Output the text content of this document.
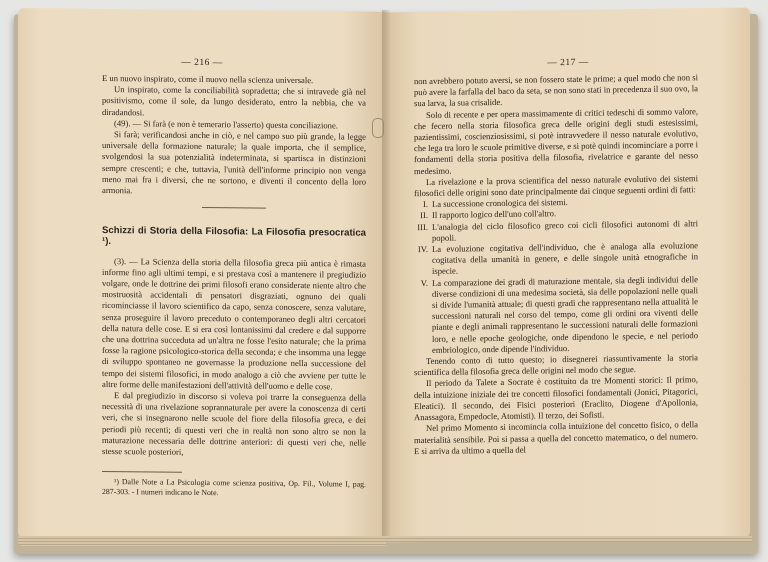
— 216 —

E un nuovo inspirato, come il nuovo nella scienza universale.

Un inspirato, come la conciliabilità sopradetta; che si intravede già nel positivismo, come il sole, da lungo desiderato, entro la nebbia, che va diradandosi.

(49). — Si farà (e non è temerario l'asserto) questa conciliazione.

Si farà; verificandosi anche in ciò, e nel campo suo più grande, la legge universale della formazione naturale; la quale importa, che il semplice, svolgendosi la sua potenzialità indeterminata, si spartisca in distinzioni sempre crescenti; e che, tuttavia, l'unità dell'informe principio non venga meno mai fra i diversi, che ne sortono, e diventi il concento della loro armonia.

Schizzi di Storia della Filosofia: La Filosofia presocratica ¹).

(3). — La Scienza della storia della filosofia greca più antica è rimasta informe fino agli ultimi tempi, e si prestava così a mantenere il pregiudizio volgare, onde le dottrine dei primi filosofi erano considerate niente altro che mostruosità accidentali di pensatori disgraziati, ognuno dei quali ricominciasse il lavoro scientifico da capo, senza conoscere, senza valutare, senza proseguire il lavoro preceduto o contemporaneo degli altri cercatori della natura delle cose. E si era così lontanissimi dal credere e dal supporre che una dottrina succeduta ad un'altra ne fosse l'esito naturale; che la prima fosse la ragione psicologico-storica della seconda; e che insomma una legge di sviluppo spontaneo ne governasse la produzione nella successione del tempo dei sistemi filosofici, in modo analogo a ciò che avviene per tutte le altre forme delle manifestazioni dell'attività dell'uomo e delle cose.

E dal pregiudizio in discorso si voleva poi trarre la conseguenza della necessità di una rivelazione soprannaturale per avere la conoscenza di certi veri, che si insegnarono nelle scuole del fiore della filosofia greca, e dei periodi più recenti; di questi veri che in realtà non sono altro se non la maturazione necessaria delle dottrine anteriori: di questi veri che, nelle stesse scuole posteriori,

¹) Dalle Note a La Psicologia come scienza positiva, Op. Fil., Volume I, pag. 287-303. - I numeri indicano le Note.

— 217 —

non avrebbero potuto aversi, se non fossero state le prime; a quel modo che non si può avere la farfalla del baco da seta, se non sono stati in precedenza il suo ovo, la sua larva, la sua crisalide.

Solo di recente e per opera massimamente di critici tedeschi di sommo valore, che fecero nella storia filosofica greca delle origini degli studi estesissimi, pazientissimi, coscienziosissimi, si potè intravvedere il nesso naturale evolutivo, che lega tra loro le scuole primitive diverse, e si potè quindi incominciare a porre i fondamenti della storia positiva della filosofia, rivelatrice e garante del nesso medesimo.

La rivelazione e la prova scientifica del nesso naturale evolutivo dei sistemi filosofici delle origini sono date principalmente dai cinque seguenti ordini di fatti:

I. La successione cronologica dei sistemi.
II. Il rapporto logico dell'uno coll'altro.
III. L'analogia del ciclo filosofico greco coi cicli filosofici autonomi di altri popoli.
IV. La evoluzione cogitativa dell'individuo, che è analoga alla evoluzione cogitativa della umanità in genere, e delle singole unità etnografiche in ispecie.
V. La comparazione dei gradi di maturazione mentale, sia degli individui delle diverse condizioni di una medesima società, sia delle popolazioni nelle quali si divide l'umanità attuale; di questi gradi che rappresentano nella attualità le successioni naturali nel corso del tempo, come gli ordini ora viventi delle piante e degli animali rappresentano le successioni naturali delle formazioni loro, e nelle epoche geologiche, onde dipendono le specie, e nel periodo embriologico, onde dipende l'individuo.

Tenendo conto di tutto questo; io disegnerei riassuntivamente la storia scientifica della filosofia greca delle origini nel modo che segue.

Il periodo da Talete a Socrate è costituito da tre Momenti storici: Il primo, della intuizione iniziale dei tre concetti filosofici fondamentali (Jonici, Pitagorici, Eleatici). Il secondo, dei Fisici posteriori (Eraclito, Diogene d'Apollonia, Anassagora, Empedocle, Atomisti). Il terzo, dei Sofisti.

Nel primo Momento si incomincia colla intuizione del concetto fisico, o della materialità sensibile. Poi si passa a quella del concetto matematico, o del numero. E si arriva da ultimo a quella del
